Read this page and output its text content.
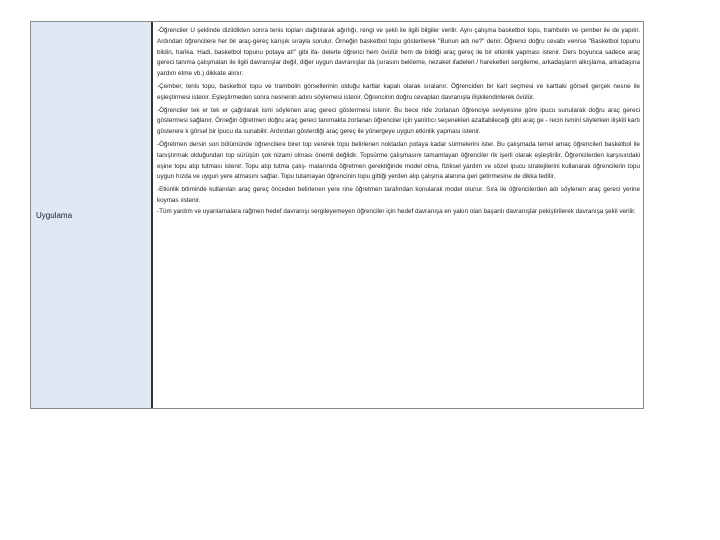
Uygulama

-Öğrenciler U şeklinde dizildikten sonra tenis topları dağıtılarak ağırlığı, rengi ve şekli ile ilgili bilgiler verilir. Aynı çalışma basketbol topu, trambolin ve çember ile de yapılır. Ardından öğrencilere her bir araç-gereç karışık sırayla sorulur. Örneğin basketbol topu gösterilerek "Bunun adı ne?" denir. Öğrenci doğru cevabı verirse "Basketbol topunu bildin, harika. Hadi, basketbol topunu potaya at!" gibi ifa- delerle öğrenci hem övülür hem de bildiği araç gereç ile bir etkinlik yapması istenir. Ders boyunca sadece araç gereci tanıma çalışmaları ile ilgili davranışlar değil, diğer uygun davranışlar da (sırasını bekleme, nezaket ifadeleri / hareketleri sergileme, arkadaşların alkışlama, arkadaşına yardım etme vb.) dikkate alınır.

-Çember, tenis topu, basketbol topu ve trambolin görsellerinin olduğu kartlar kapalı olarak sıralanır. Öğrenciden bir kart seçmesi ve karttaki görseli gerçek nesne ile eşleştirmesi istenir. Eşleştirmeden sonra nesnenin adını söylemesi istenir. Öğrencinin doğru cevapları davranışla ilişkilendirilerek övülür.

-Öğrenciler tek er tek er çağrılarak ismi söylenen araç gereci göstermesi istenir. Bu bece ride zorlanan öğrenciye seviyesine göre ipucu sunularak doğru araç gereci göstermesi sağlanır. Örneğin öğretmen doğru araç gereci tanımakta zorlanan öğrenciler için yanlıtıcı seçenekleri azaltabileceği gibi araç ge - recin ismini söylerken ilişkili kartı gösterere k görsel bir ipucu da sunabilir. Ardından gösterdiği araç gereç ile yönergeye uygun etkinlik yapması istenir.

-Öğretmen dersin son bölümünde öğrencilere birer top vererek topu belirlenen noktadan potaya kadar sürmelerini ister. Bu çalışmada temel amaç öğrencileri basketbol ile tanıştırmak olduğundan top sürüşün çok nizami olması önemli değildir. Topsürme çalışmasını tamamlayan öğrenciler rik işerli olarak eşleştirilir. Öğrencilerden karşısındaki eşine topu atıp tutması istenir. Topu atıp tutma çalış- malarında öğretmen gerektiğinde model olma, fiziksel yardım ve sözel ipucu stratejilerini kullanarak öğrencilerin topu uygun hızda ve uygun yere atmasını sağlar. Topu tutamayan öğrencinin topu gittiği yerden alıp çalışma alanına geri getirmesine de dikka tedilir.

-Etkinlik bitiminde kullanılan araç gereç önceden belirlenen yere rine öğretmen tarafından konularak model olunur. Sıra ile öğrencilerden adı söylenen araç gereci yerine koymas ıistenir.
-Tüm yardım ve uyarılamalara rağmen hedef davranışı sergileyemeyen öğrenciler için hedef davranışa en yakın olan başarılı davranışlar pekiştirilerek davranışa şekil verilir.
